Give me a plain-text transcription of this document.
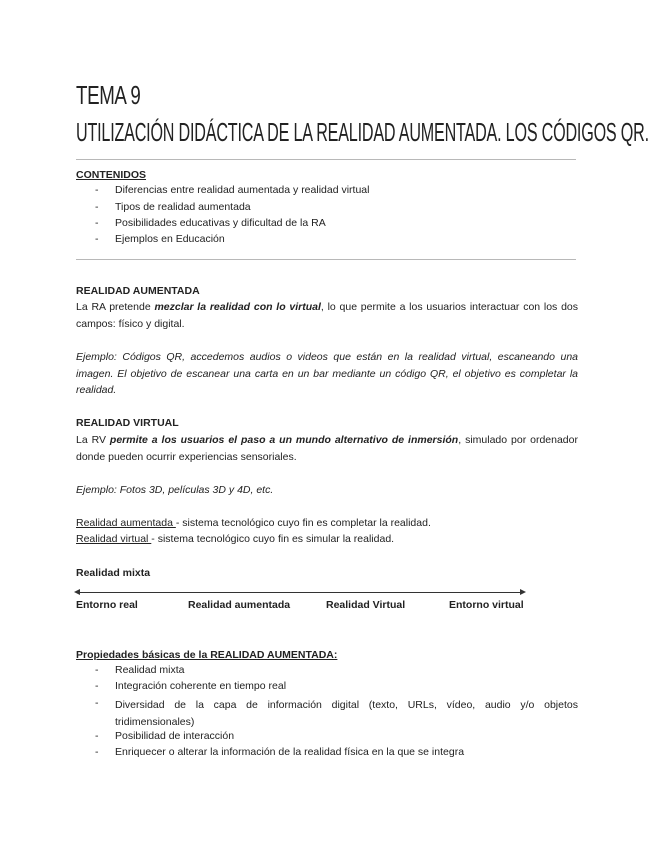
TEMA 9
UTILIZACIÓN DIDÁCTICA DE LA REALIDAD AUMENTADA. LOS CÓDIGOS QR.
CONTENIDOS
- Diferencias entre realidad aumentada y realidad virtual
- Tipos de realidad aumentada
- Posibilidades educativas y dificultad de la RA
- Ejemplos en Educación
REALIDAD AUMENTADA
La RA pretende mezclar la realidad con lo virtual, lo que permite a los usuarios interactuar con los dos campos: físico y digital.
Ejemplo: Códigos QR, accedemos audios o videos que están en la realidad virtual, escaneando una imagen. El objetivo de escanear una carta en un bar mediante un código QR, el objetivo es completar la realidad.
REALIDAD VIRTUAL
La RV permite a los usuarios el paso a un mundo alternativo de inmersión, simulado por ordenador donde pueden ocurrir experiencias sensoriales.
Ejemplo: Fotos 3D, películas 3D y 4D, etc.
Realidad aumentada - sistema tecnológico cuyo fin es completar la realidad.
Realidad virtual - sistema tecnológico cuyo fin es simular la realidad.
Realidad mixta
Entorno real	Realidad aumentada	Realidad Virtual	Entorno virtual
Propiedades básicas de la REALIDAD AUMENTADA:
- Realidad mixta
- Integración coherente en tiempo real
- Diversidad de la capa de información digital (texto, URLs, vídeo, audio y/o objetos tridimensionales)
- Posibilidad de interacción
- Enriquecer o alterar la información de la realidad física en la que se integra
